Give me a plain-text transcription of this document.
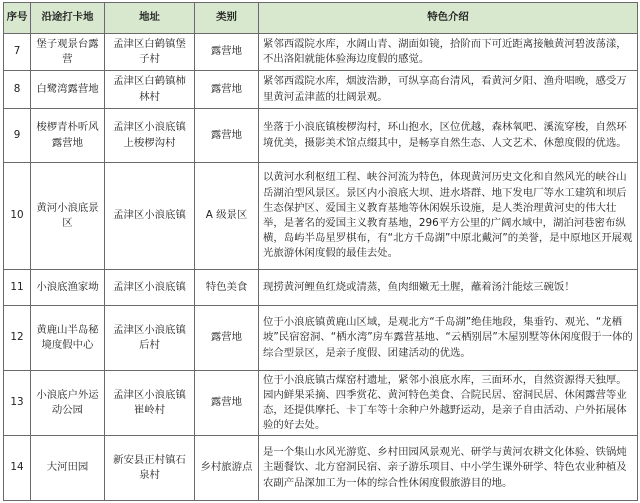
序号	沿途打卡地	地址	类别	特色介绍
7	堡子观景台露营	孟津区白鹤镇堡子村	露营地	紧邻西霞院水库，水阔山青、湖面如镜，拾阶而下可近距离接触黄河碧波荡漾，不出洛阳就能体验海边度假的感觉。
8	白鹭湾露营地	孟津区白鹤镇柿林村	露营地	紧邻西霞院水库，烟波浩渺，可纵享高台清风，看黄河夕阳、渔舟唱晚，感受万里黄河孟津蓝的壮阔景观。
9	梭椤青朴听风露营地	孟津区小浪底镇上梭椤沟村	露营地	坐落于小浪底镇梭椤沟村，环山抱水，区位优越，森林氧吧、溪流穿梭，自然环境优美，摄影美术馆点缀其中，是畅享自然生态、人文艺术、休憩度假的优选。
10	黄河小浪底景区	孟津区小浪底镇	A 级景区	以黄河水利枢纽工程、峡谷河流为特色，体现黄河历史文化和自然风光的峡谷山岳湖泊型风景区。景区内小浪底大坝、进水塔群、地下发电厂等水工建筑和坝后生态保护区、爱国主义教育基地等休闲娱乐设施，是人类治理黄河史的伟大壮举，是著名的爱国主义教育基地，296平方公里的广阔水域中，湖泊河巷密布纵横，岛屿半岛星罗棋布，有“北方千岛湖”中原北戴河”的美誉，是中原地区开展观光旅游休闲度假的最佳去处。
11	小浪底渔家坳	孟津区小浪底镇	特色美食	现捞黄河鲤鱼红烧或清蒸，鱼肉细嫩无土腥，蘸着汤汁能炫三碗饭！
12	黄鹿山半岛秘境度假中心	孟津区小浪底镇后村	露营地	位于小浪底镇黄鹿山区域，是观北方“千岛湖”绝佳地段，集垂钓、观光、“龙栖坡”民宿窑洞、“栖水湾”房车露营基地、“云栖别居”木屋别墅等休闲度假于一体的综合型景区，是亲子度假、团建活动的优选。
13	小浪底户外运动公园	孟津区小浪底镇崔岭村	露营地	位于小浪底镇古煤窑村遗址，紧邻小浪底水库，三面环水，自然资源得天独厚。园内鲜果采摘、四季赏花、黄河特色美食、合院民居、窑洞民居、休闲露营等业态，还提供摩托、卡丁车等十余种户外越野运动，是亲子自由活动、户外拓展体验的好去处。
14	大河田园	新安县正村镇石泉村	乡村旅游点	是一个集山水风光游览、乡村田园风景观光、研学与黄河农耕文化体验、铁锅炖主题餐饮、北方窑洞民宿、亲子游乐项目、中小学生课外研学、特色农业种植及农副产品深加工为一体的综合性休闲度假旅游目的地。
